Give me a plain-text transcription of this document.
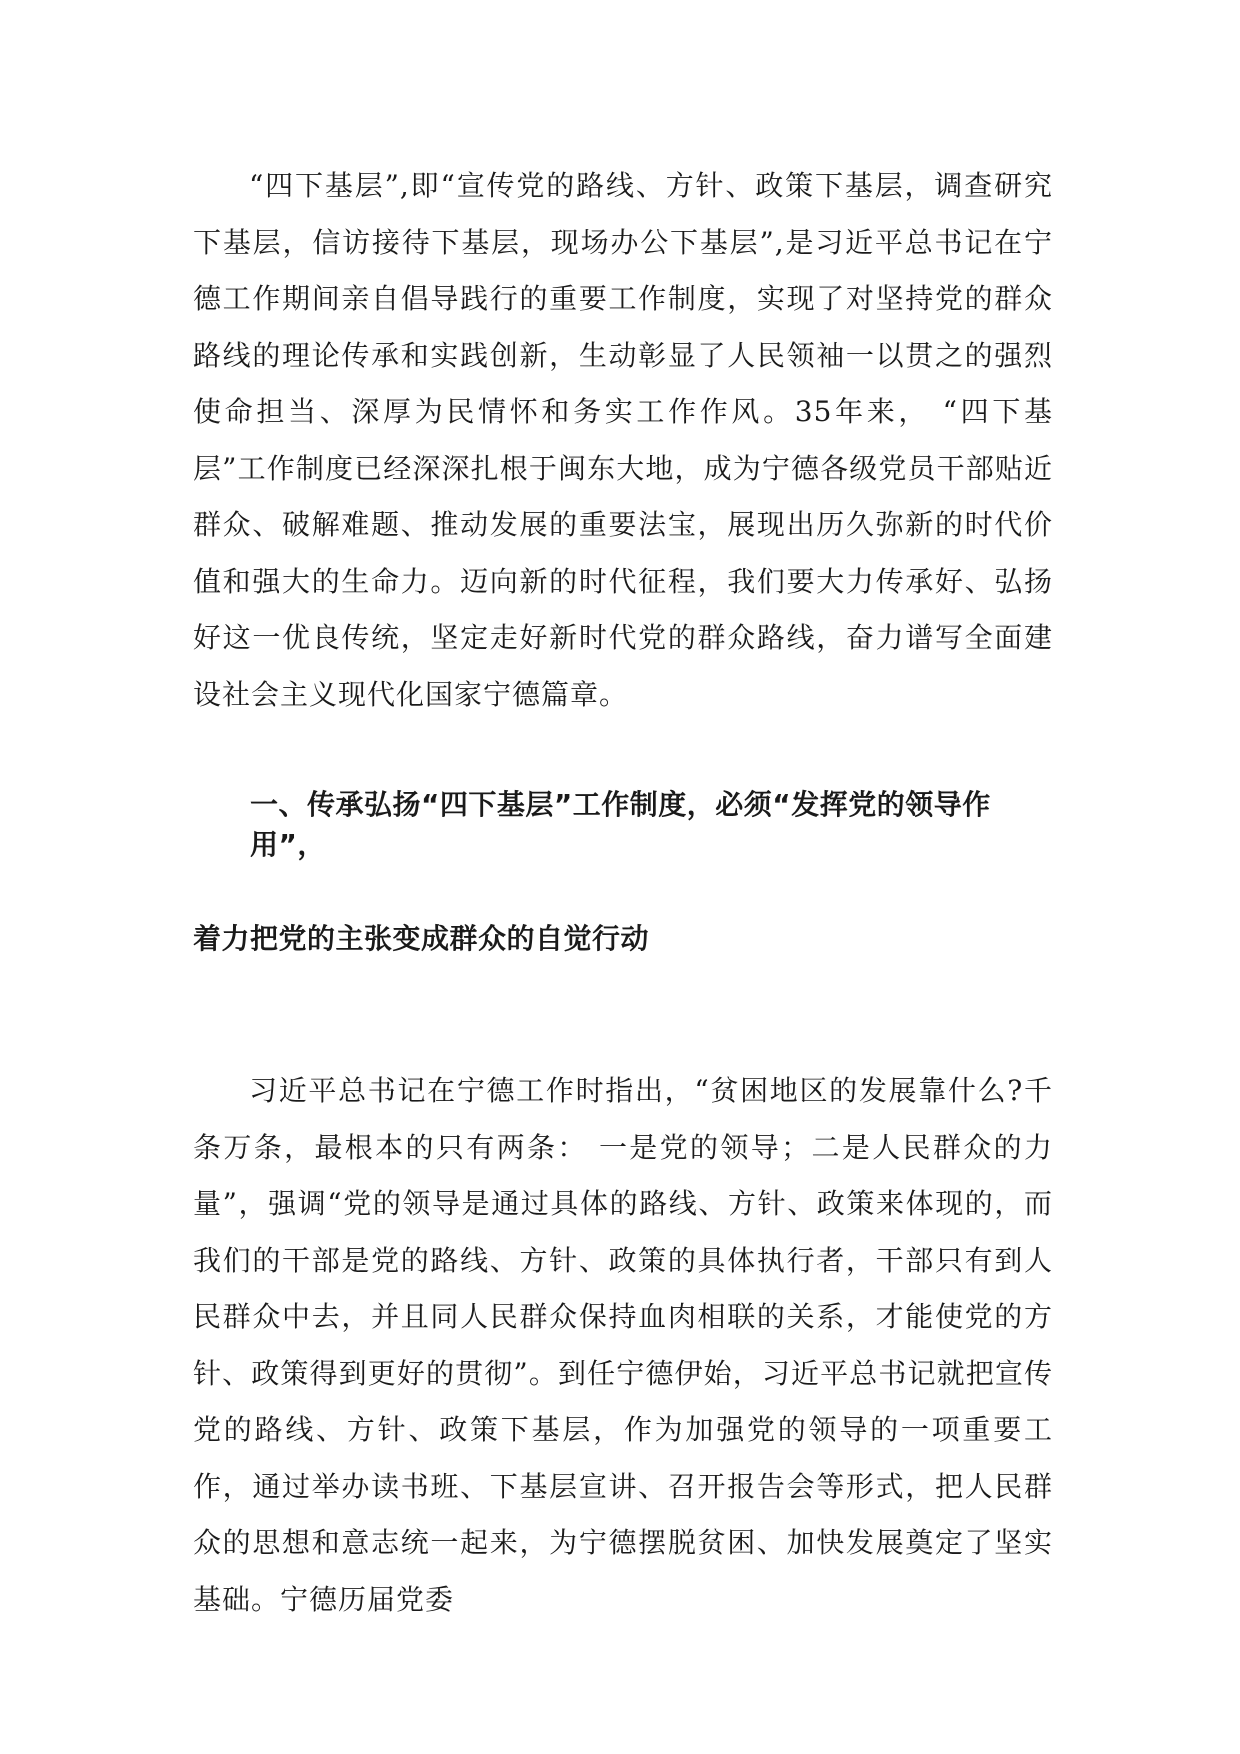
“四下基层”,即“宣传党的路线、方针、政策下基层，调查研究下基层，信访接待下基层，现场办公下基层”,是习近平总书记在宁德工作期间亲自倡导践行的重要工作制度，实现了对坚持党的群众路线的理论传承和实践创新，生动彰显了人民领袖一以贯之的强烈使命担当、深厚为民情怀和务实工作作风。35年来， “四下基层”工作制度已经深深扎根于闽东大地，成为宁德各级党员干部贴近群众、破解难题、推动发展的重要法宝，展现出历久弥新的时代价值和强大的生命力。迈向新的时代征程，我们要大力传承好、弘扬好这一优良传统，坚定走好新时代党的群众路线，奋力谱写全面建设社会主义现代化国家宁德篇章。

一、传承弘扬“四下基层”工作制度，必须“发挥党的领导作用”，

着力把党的主张变成群众的自觉行动

习近平总书记在宁德工作时指出，“贫困地区的发展靠什么?千条万条，最根本的只有两条： 一是党的领导；二是人民群众的力量”，强调“党的领导是通过具体的路线、方针、政策来体现的，而我们的干部是党的路线、方针、政策的具体执行者，干部只有到人民群众中去，并且同人民群众保持血肉相联的关系，才能使党的方针、政策得到更好的贯彻”。到任宁德伊始，习近平总书记就把宣传党的路线、方针、政策下基层，作为加强党的领导的一项重要工作，通过举办读书班、下基层宣讲、召开报告会等形式，把人民群众的思想和意志统一起来，为宁德摆脱贫困、加快发展奠定了坚实基础。宁德历届党委
